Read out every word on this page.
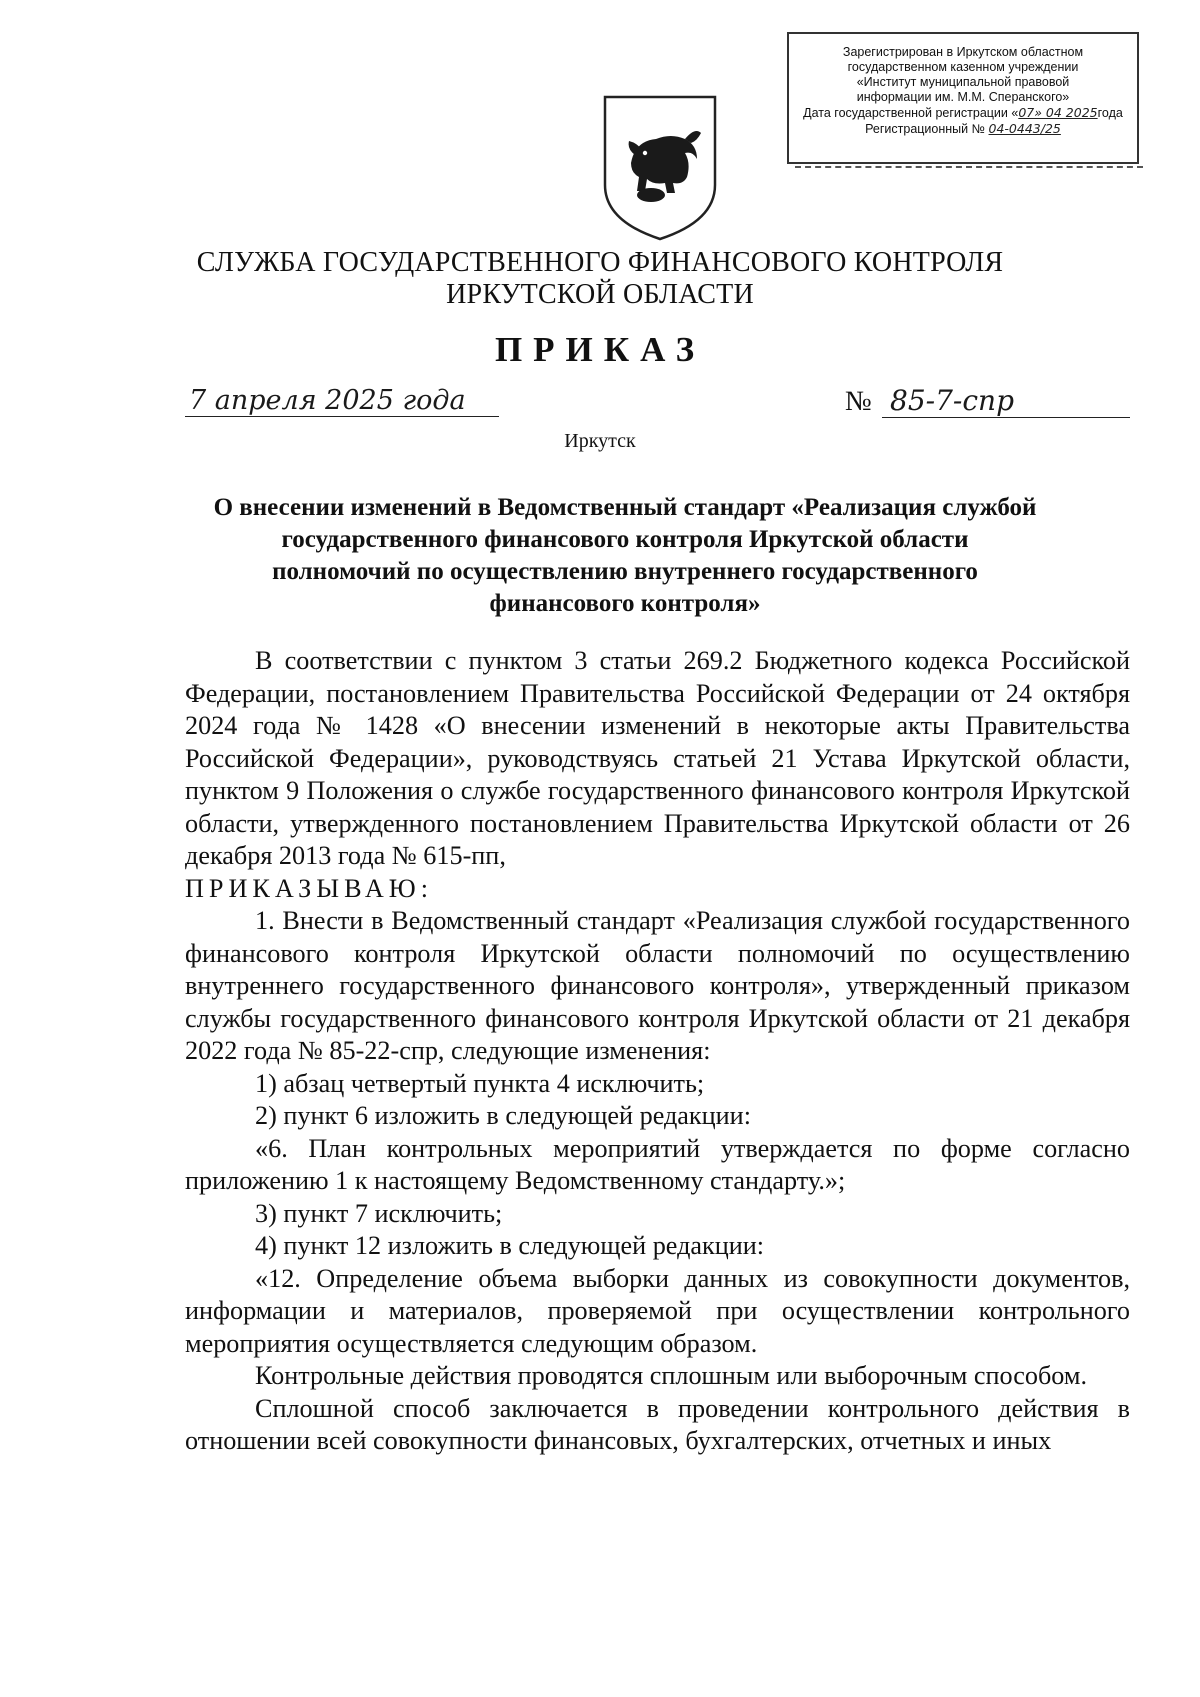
Зарегистрирован в Иркутском областном
государственном казенном учреждении
«Институт муниципальной правовой
информации им. М.М. Сперанского»
Дата государственной регистрации «07» 04 2025года
Регистрационный № 04-0443/25
СЛУЖБА ГОСУДАРСТВЕННОГО ФИНАНСОВОГО КОНТРОЛЯ
ИРКУТСКОЙ ОБЛАСТИ
ПРИКАЗ
7 апреля 2025 года	№ 85-7-спр
Иркутск
О внесении изменений в Ведомственный стандарт «Реализация службой
государственного финансового контроля Иркутской области
полномочий по осуществлению внутреннего государственного
финансового контроля»

В соответствии с пунктом 3 статьи 269.2 Бюджетного кодекса Российской Федерации, постановлением Правительства Российской Федерации от 24 октября 2024 года № 1428 «О внесении изменений в некоторые акты Правительства Российской Федерации», руководствуясь статьей 21 Устава Иркутской области, пунктом 9 Положения о службе государственного финансового контроля Иркутской области, утвержденного постановлением Правительства Иркутской области от 26 декабря 2013 года № 615-пп,

ПРИКАЗЫВАЮ:

1. Внести в Ведомственный стандарт «Реализация службой государственного финансового контроля Иркутской области полномочий по осуществлению внутреннего государственного финансового контроля», утвержденный приказом службы государственного финансового контроля Иркутской области от 21 декабря 2022 года № 85-22-спр, следующие изменения:

1) абзац четвертый пункта 4 исключить;

2) пункт 6 изложить в следующей редакции:

«6. План контрольных мероприятий утверждается по форме согласно приложению 1 к настоящему Ведомственному стандарту.»;

3) пункт 7 исключить;

4) пункт 12 изложить в следующей редакции:

«12. Определение объема выборки данных из совокупности документов, информации и материалов, проверяемой при осуществлении контрольного мероприятия осуществляется следующим образом.

Контрольные действия проводятся сплошным или выборочным способом.

Сплошной способ заключается в проведении контрольного действия в отношении всей совокупности финансовых, бухгалтерских, отчетных и иных
